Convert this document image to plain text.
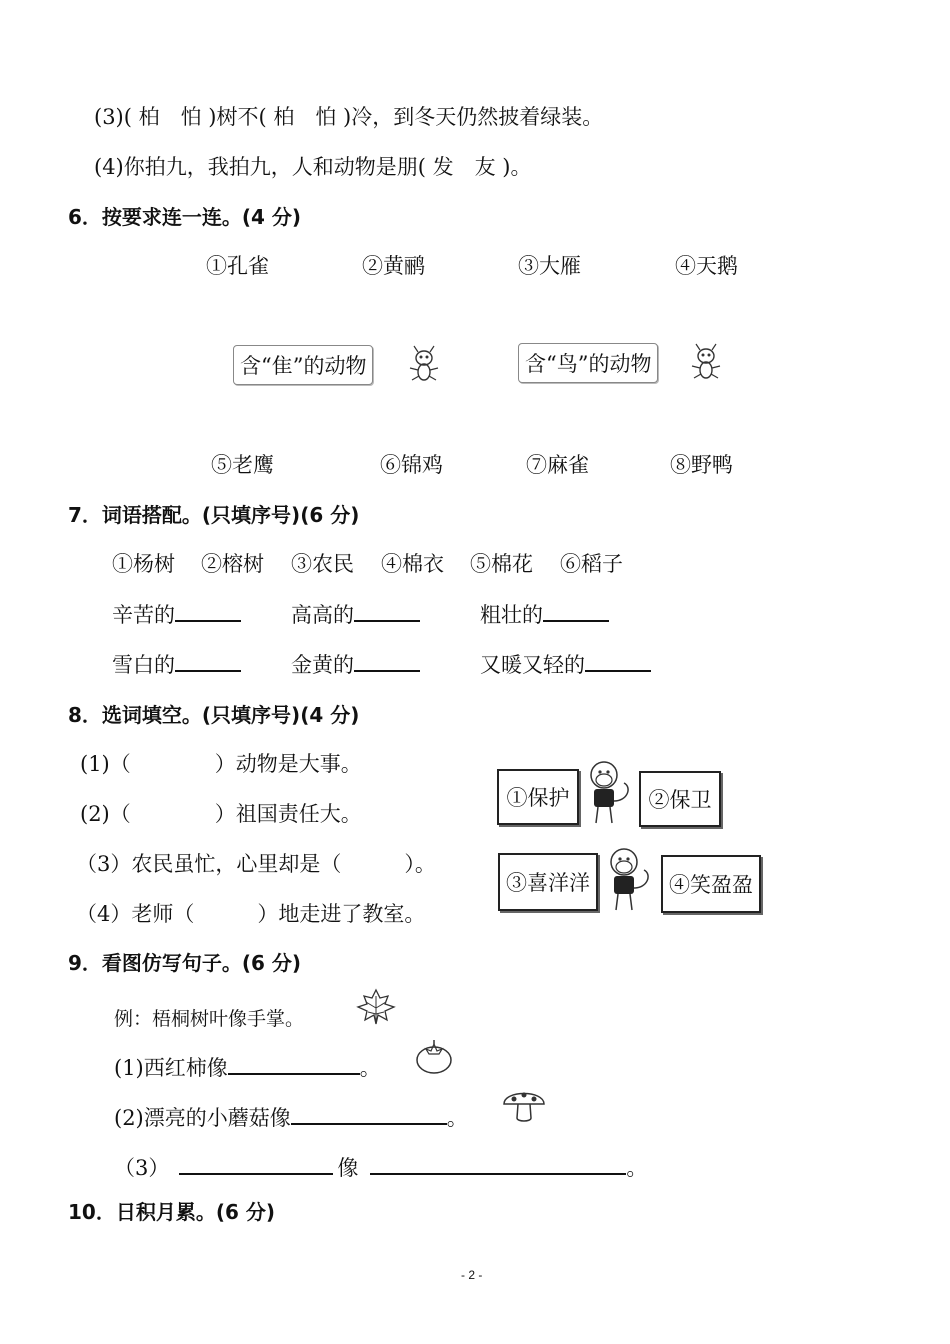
(3)( 柏　怕 )树不( 柏　怕 )冷，到冬天仍然披着绿装。
(4)你拍九，我拍九，人和动物是朋( 发　友 )。
6．按要求连一连。(4 分)
①孔雀	②黄鹂	③大雁	④天鹅
含“隹”的动物	含“鸟”的动物
⑤老鹰	⑥锦鸡	⑦麻雀	⑧野鸭
7．词语搭配。(只填序号)(6 分)
①杨树 ②榕树 ③农民 ④棉衣 ⑤棉花 ⑥稻子
辛苦的	高高的	粗壮的
雪白的	金黄的	又暖又轻的
8．选词填空。(只填序号)(4 分)
(1)（　　　　）动物是大事。
(2)（　　　　）祖国责任大。
（3）农民虽忙，心里却是（　　　）。
（4）老师（　　　）地走进了教室。
①保护	②保卫
③喜洋洋	④笑盈盈
9．看图仿写句子。(6 分)
例：梧桐树叶像手掌。
(1)西红柿像	。
(2)漂亮的小蘑菇像	。
（3）	像	。
10．日积月累。(6 分)
- 2 -
